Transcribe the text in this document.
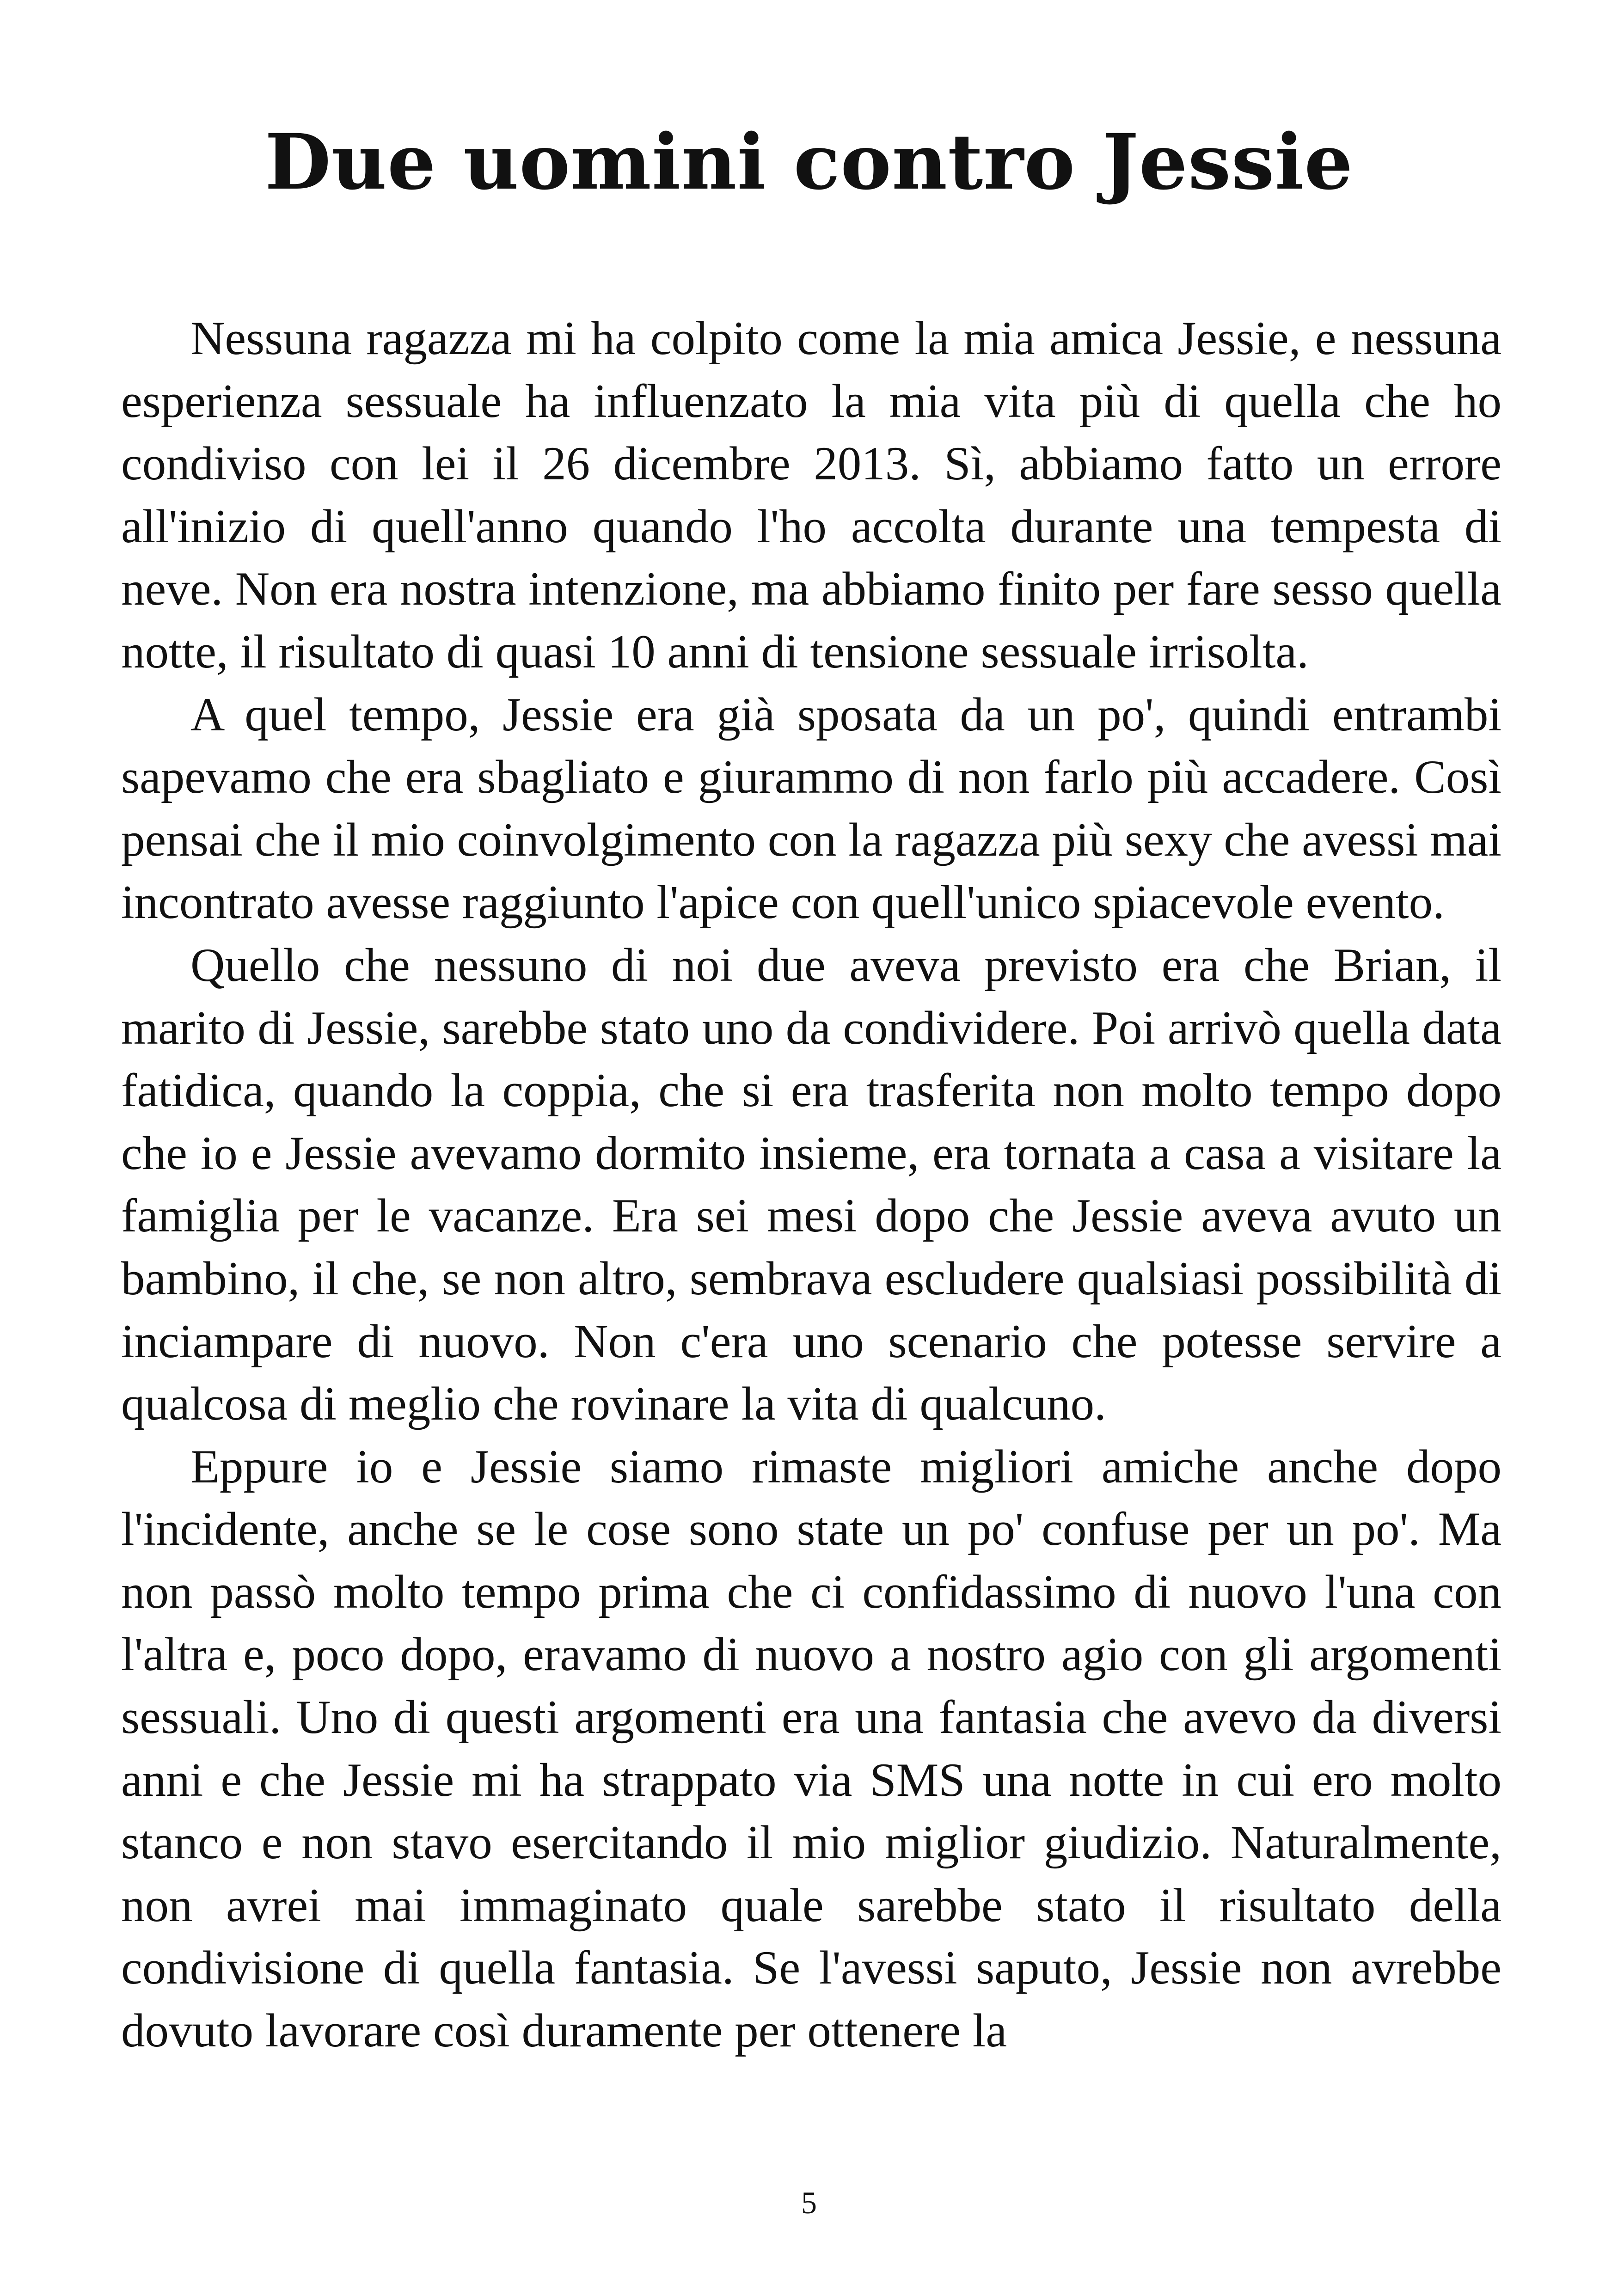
Due uomini contro Jessie

Nessuna ragazza mi ha colpito come la mia amica Jessie, e nessuna esperienza sessuale ha influenzato la mia vita più di quella che ho condiviso con lei il 26 dicembre 2013. Sì, abbiamo fatto un errore all'inizio di quell'anno quando l'ho accolta durante una tempesta di neve. Non era nostra intenzione, ma abbiamo finito per fare sesso quella notte, il risultato di quasi 10 anni di tensione sessuale irrisolta.

A quel tempo, Jessie era già sposata da un po', quindi entrambi sapevamo che era sbagliato e giurammo di non farlo più accadere. Così pensai che il mio coinvolgimento con la ragazza più sexy che avessi mai incontrato avesse raggiunto l'apice con quell'unico spiacevole evento.

Quello che nessuno di noi due aveva previsto era che Brian, il marito di Jessie, sarebbe stato uno da condividere. Poi arrivò quella data fatidica, quando la coppia, che si era trasferita non molto tempo dopo che io e Jessie avevamo dormito insieme, era tornata a casa a visitare la famiglia per le vacanze. Era sei mesi dopo che Jessie aveva avuto un bambino, il che, se non altro, sembrava escludere qualsiasi possibilità di inciampare di nuovo. Non c'era uno scenario che potesse servire a qualcosa di meglio che rovinare la vita di qualcuno.

Eppure io e Jessie siamo rimaste migliori amiche anche dopo l'incidente, anche se le cose sono state un po' confuse per un po'. Ma non passò molto tempo prima che ci confidassimo di nuovo l'una con l'altra e, poco dopo, eravamo di nuovo a nostro agio con gli argomenti sessuali. Uno di questi argomenti era una fantasia che avevo da diversi anni e che Jessie mi ha strappato via SMS una notte in cui ero molto stanco e non stavo esercitando il mio miglior giudizio. Naturalmente, non avrei mai immaginato quale sarebbe stato il risultato della condivisione di quella fantasia. Se l'avessi saputo, Jessie non avrebbe dovuto lavorare così duramente per ottenere la

5
